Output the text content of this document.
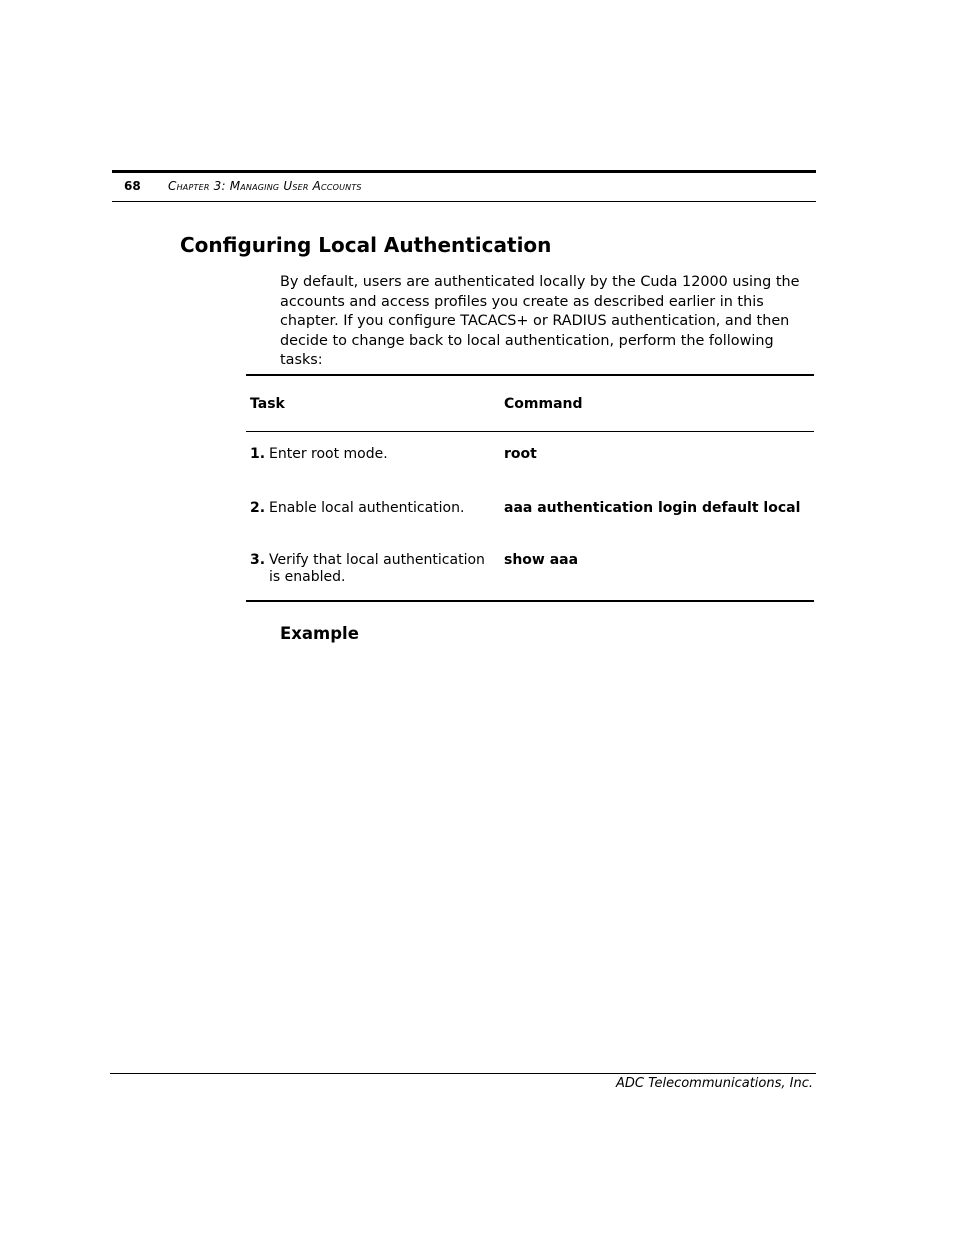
68 Chapter 3: Managing User Accounts
Configuring Local Authentication

By default, users are authenticated locally by the Cuda 12000 using the accounts and access profiles you create as described earlier in this chapter. If you configure TACACS+ or RADIUS authentication, and then decide to change back to local authentication, perform the following tasks:

Task	Command

1. Enter root mode.	root

2. Enable local authentication.	aaa authentication login default local

3. Verify that local authentication is enabled.	show aaa
Example
ADC Telecommunications, Inc.
